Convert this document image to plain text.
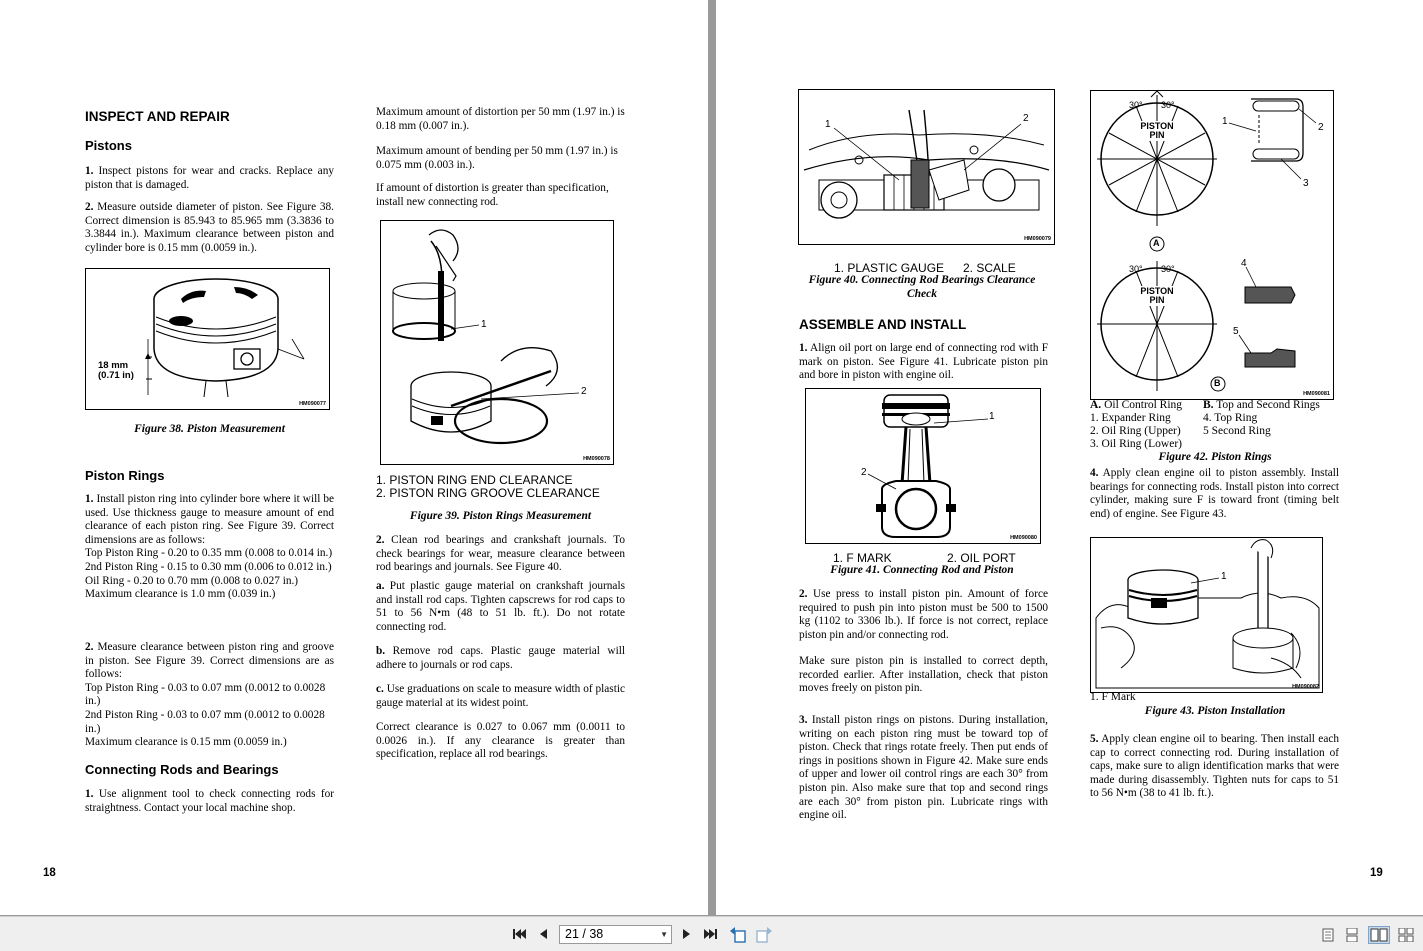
INSPECT AND REPAIR
Pistons
1. Inspect pistons for wear and cracks. Replace any piston that is damaged.
2. Measure outside diameter of piston. See Figure 38. Correct dimension is 85.943 to 85.965 mm (3.3836 to 3.3844 in.). Maximum clearance between piston and cylinder bore is 0.15 mm (0.0059 in.).
18 mm
(0.71 in)
HM090077
Figure 38. Piston Measurement
Piston Rings
1. Install piston ring into cylinder bore where it will be used. Use thickness gauge to measure amount of end clearance of each piston ring. See Figure 39. Correct dimensions are as follows:
Top Piston Ring - 0.20 to 0.35 mm (0.008 to 0.014 in.)
2nd Piston Ring - 0.15 to 0.30 mm (0.006 to 0.012 in.)
Oil Ring - 0.20 to 0.70 mm (0.008 to 0.027 in.)
Maximum clearance is 1.0 mm (0.039 in.)
2. Measure clearance between piston ring and groove in piston. See Figure 39. Correct dimensions are as follows:
Top Piston Ring - 0.03 to 0.07 mm (0.0012 to 0.0028 in.)
2nd Piston Ring - 0.03 to 0.07 mm (0.0012 to 0.0028 in.)
Maximum clearance is 0.15 mm (0.0059 in.)
Connecting Rods and Bearings
1. Use alignment tool to check connecting rods for straightness. Contact your local machine shop.
Maximum amount of distortion per 50 mm (1.97 in.) is 0.18 mm (0.007 in.).
Maximum amount of bending per 50 mm (1.97 in.) is 0.075 mm (0.003 in.).
If amount of distortion is greater than specification, install new connecting rod.
1
2
HM090078
1. PISTON RING END CLEARANCE
2. PISTON RING GROOVE CLEARANCE
Figure 39. Piston Rings Measurement
2. Clean rod bearings and crankshaft journals. To check bearings for wear, measure clearance between rod bearings and journals. See Figure 40.
a. Put plastic gauge material on crankshaft journals and install rod caps. Tighten capscrews for rod caps to 51 to 56 N•m (48 to 51 lb. ft.). Do not rotate connecting rod.
b. Remove rod caps. Plastic gauge material will adhere to journals or rod caps.
c. Use graduations on scale to measure width of plastic gauge material at its widest point.
Correct clearance is 0.027 to 0.067 mm (0.0011 to 0.0026 in.). If any clearance is greater than specification, replace all rod bearings.
18
1
2
HM090079
1. PLASTIC GAUGE 2. SCALE
Figure 40. Connecting Rod Bearings Clearance Check
ASSEMBLE AND INSTALL
1. Align oil port on large end of connecting rod with F mark on piston. See Figure 41. Lubricate piston pin and bore in piston with engine oil.
1
2
HM090080
1. F MARK	2. OIL PORT
Figure 41. Connecting Rod and Piston
2. Use press to install piston pin. Amount of force required to push pin into piston must be 500 to 1500 kg (1102 to 3306 lb.). If force is not correct, replace piston pin and/or connecting rod.
Make sure piston pin is installed to correct depth, recorded earlier. After installation, check that piston moves freely on piston pin.
3. Install piston rings on pistons. During installation, writing on each piston ring must be toward top of piston. Check that rings rotate freely. Then put ends of rings in positions shown in Figure 42. Make sure ends of upper and lower oil control rings are each 30° from piston pin. Also make sure that top and second rings are each 30° from piston pin. Lubricate rings with engine oil.
30° 30°
30° 30°
PISTON
PIN
PISTON
PIN
A
B
1
2
3
4
5
HM090081
A. Oil Control Ring B. Top and Second Rings
1. Expander Ring	4. Top Ring
2. Oil Ring (Upper) 5 Second Ring
3. Oil Ring (Lower)
Figure 42. Piston Rings
4. Apply clean engine oil to piston assembly. Install bearings for connecting rods. Install piston into correct cylinder, making sure F is toward front (timing belt end) of engine. See Figure 43.
1
HM090082
1. F Mark
Figure 43. Piston Installation
5. Apply clean engine oil to bearing. Then install each cap to correct connecting rod. During installation of caps, make sure to align identification marks that were made during disassembly. Tighten nuts for caps to 51 to 56 N•m (38 to 41 lb. ft.).
19
21 / 38	▼
